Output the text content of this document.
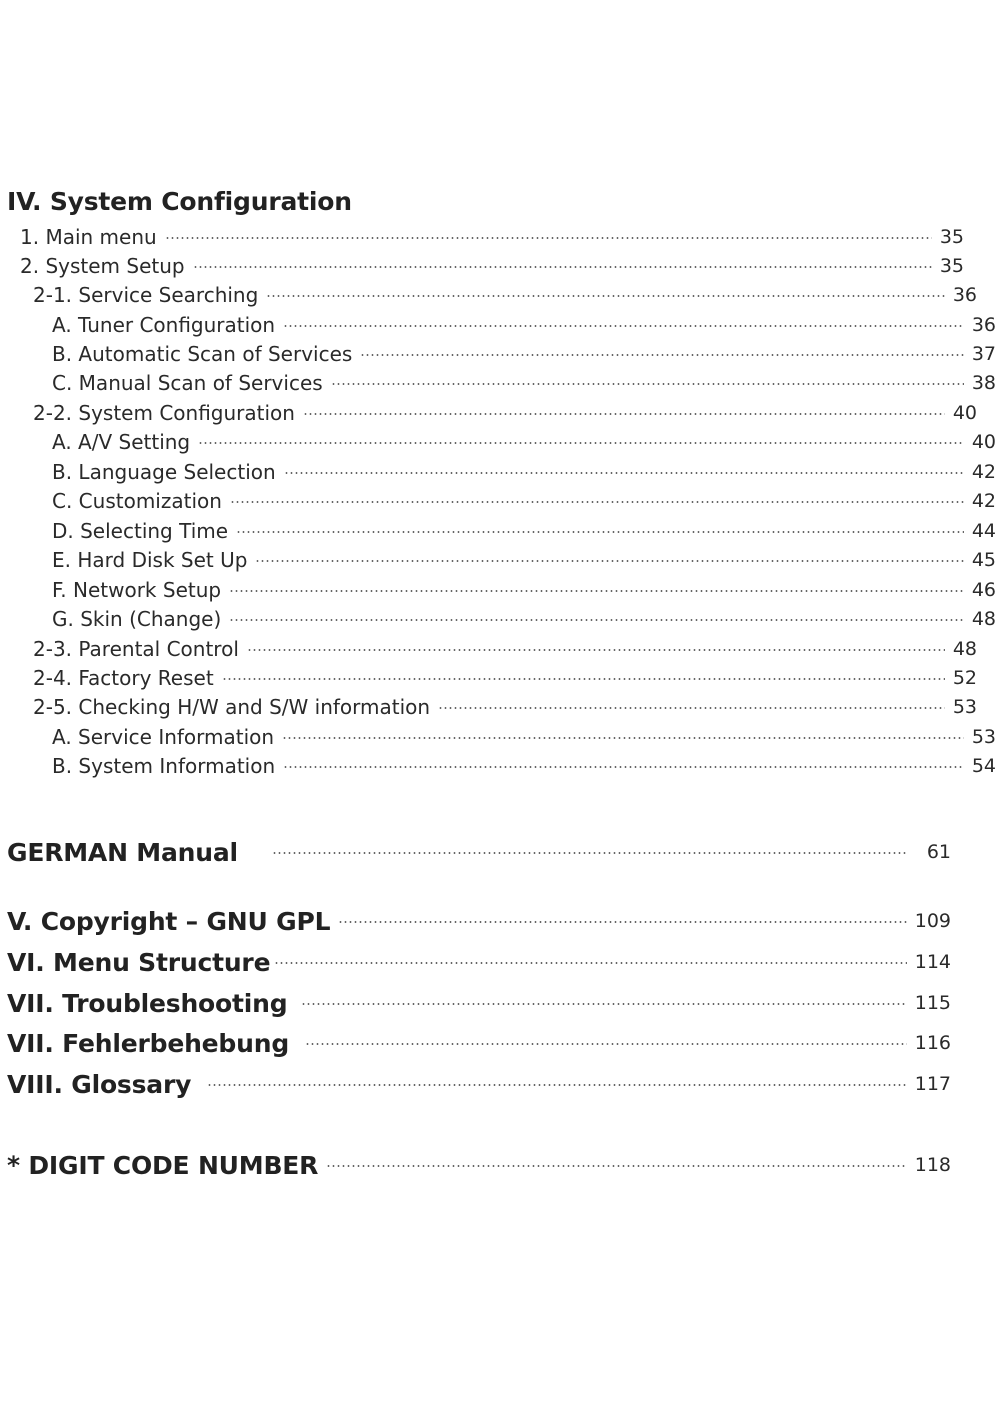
IV. System Configuration
1. Main menu	35
2. System Setup	35
2-1. Service Searching	36
A. Tuner Configuration	36
B. Automatic Scan of Services	37
C. Manual Scan of Services	38
2-2. System Configuration	40
A. A/V Setting	40
B. Language Selection	42
C. Customization	42
D. Selecting Time	44
E. Hard Disk Set Up	45
F. Network Setup	46
G. Skin (Change)	48
2-3. Parental Control	48
2-4. Factory Reset	52
2-5. Checking H/W and S/W information	53
A. Service Information	53
B. System Information	54
GERMAN Manual	61
V. Copyright – GNU GPL	109
VI. Menu Structure	114
VII. Troubleshooting	115
VII. Fehlerbehebung	116
VIII. Glossary	117
* DIGIT CODE NUMBER	118
